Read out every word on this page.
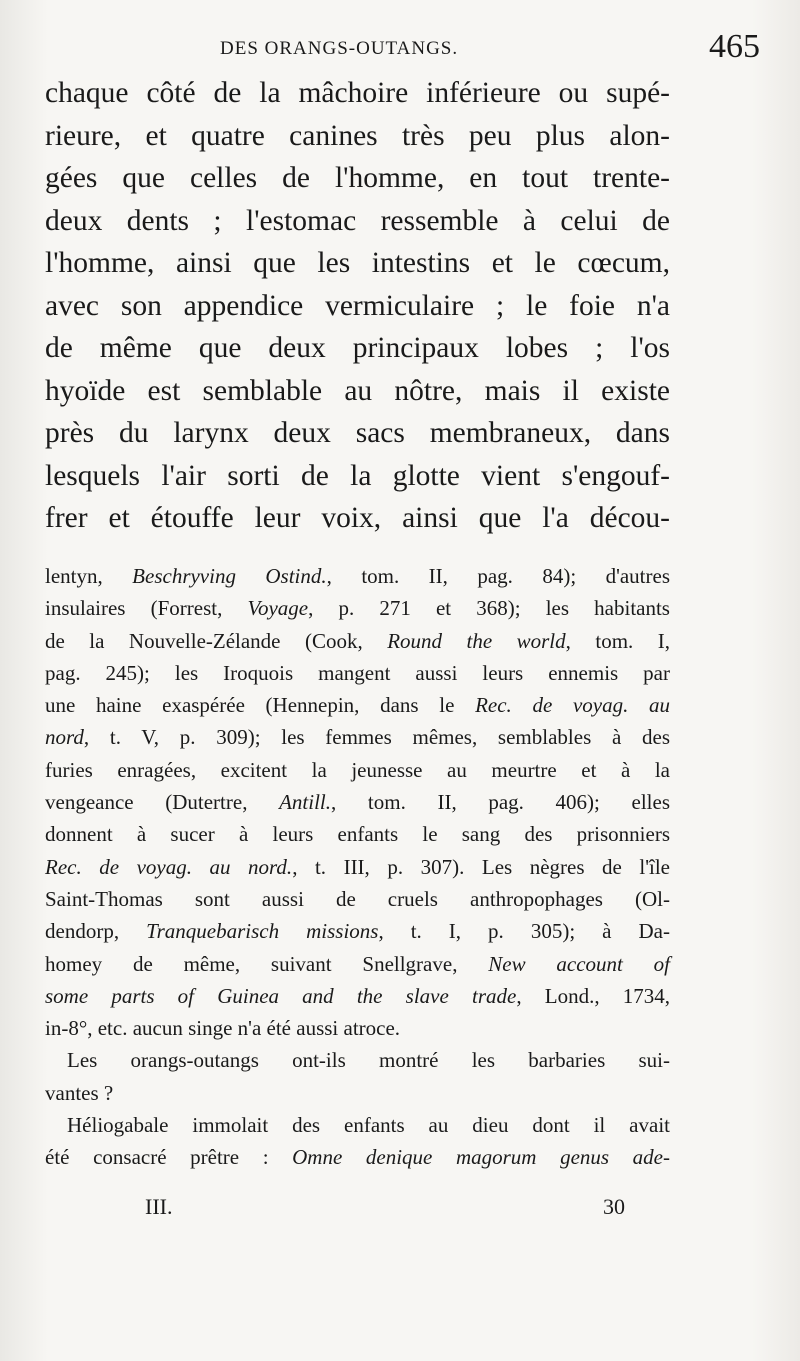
DES ORANGS-OUTANGS.	465
chaque côté de la mâchoire inférieure ou supé-
rieure, et quatre canines très peu plus alon-
gées que celles de l'homme, en tout trente-
deux dents ; l'estomac ressemble à celui de
l'homme, ainsi que les intestins et le cœcum,
avec son appendice vermiculaire ; le foie n'a
de même que deux principaux lobes ; l'os
hyoïde est semblable au nôtre, mais il existe
près du larynx deux sacs membraneux, dans
lesquels l'air sorti de la glotte vient s'engouf-
frer et étouffe leur voix, ainsi que l'a décou-
lentyn, Beschryving Ostind., tom. II, pag. 84); d'autres
insulaires (Forrest, Voyage, p. 271 et 368); les habitants
de la Nouvelle-Zélande (Cook, Round the world, tom. I,
pag. 245); les Iroquois mangent aussi leurs ennemis par
une haine exaspérée (Hennepin, dans le Rec. de voyag. au
nord, t. V, p. 309); les femmes mêmes, semblables à des
furies enragées, excitent la jeunesse au meurtre et à la
vengeance (Dutertre, Antill., tom. II, pag. 406); elles
donnent à sucer à leurs enfants le sang des prisonniers
Rec. de voyag. au nord., t. III, p. 307). Les nègres de l'île
Saint-Thomas sont aussi de cruels anthropophages (Ol-
dendorp, Tranquebarisch missions, t. I, p. 305); à Da-
homey de même, suivant Snellgrave, New account of
some parts of Guinea and the slave trade, Lond., 1734,
in-8°, etc. aucun singe n'a été aussi atroce.
Les orangs-outangs ont-ils montré les barbaries sui-
vantes ?
Héliogabale immolait des enfants au dieu dont il avait
été consacré prêtre : Omne denique magorum genus ade-
III.	30
